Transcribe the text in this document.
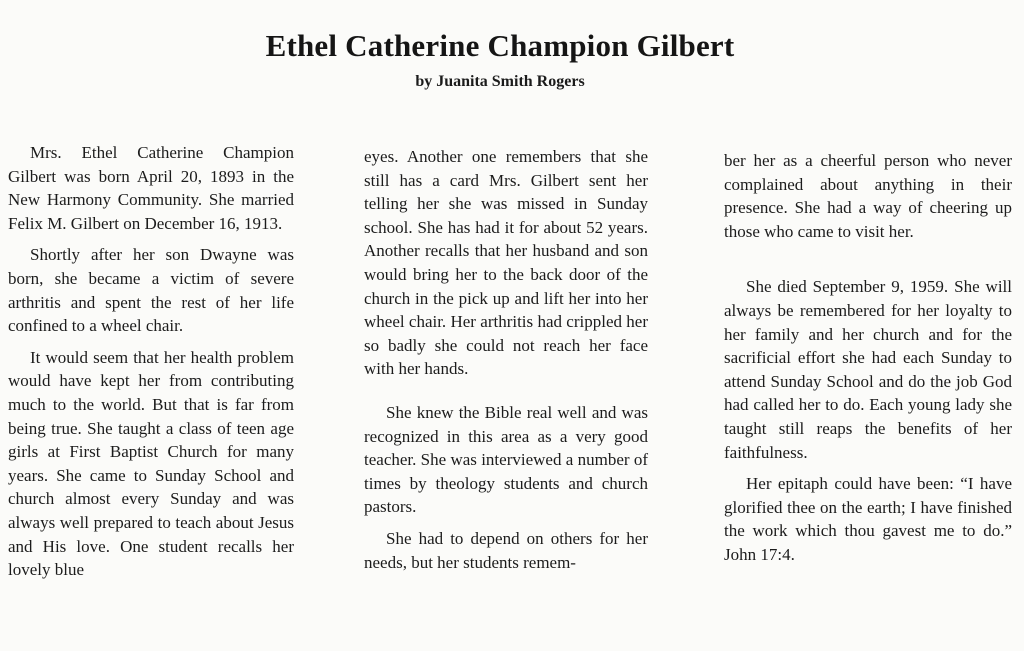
Ethel Catherine Champion Gilbert
by Juanita Smith Rogers

Mrs. Ethel Catherine Champion Gilbert was born April 20, 1893 in the New Harmony Community. She married Felix M. Gilbert on December 16, 1913.

Shortly after her son Dwayne was born, she became a victim of severe arthritis and spent the rest of her life confined to a wheel chair.

It would seem that her health problem would have kept her from contributing much to the world. But that is far from being true. She taught a class of teen age girls at First Baptist Church for many years. She came to Sunday School and church almost every Sunday and was always well prepared to teach about Jesus and His love. One student recalls her lovely blue

eyes. Another one remembers that she still has a card Mrs. Gilbert sent her telling her she was missed in Sunday school. She has had it for about 52 years. Another recalls that her husband and son would bring her to the back door of the church in the pick up and lift her into her wheel chair. Her arthritis had crippled her so badly she could not reach her face with her hands.

She knew the Bible real well and was recognized in this area as a very good teacher. She was interviewed a number of times by theology students and church pastors.

She had to depend on others for her needs, but her students remem-

ber her as a cheerful person who never complained about anything in their presence. She had a way of cheering up those who came to visit her.

She died September 9, 1959. She will always be remembered for her loyalty to her family and her church and for the sacrificial effort she had each Sunday to attend Sunday School and do the job God had called her to do. Each young lady she taught still reaps the benefits of her faithfulness.

Her epitaph could have been: “I have glorified thee on the earth; I have finished the work which thou gavest me to do.” John 17:4.
